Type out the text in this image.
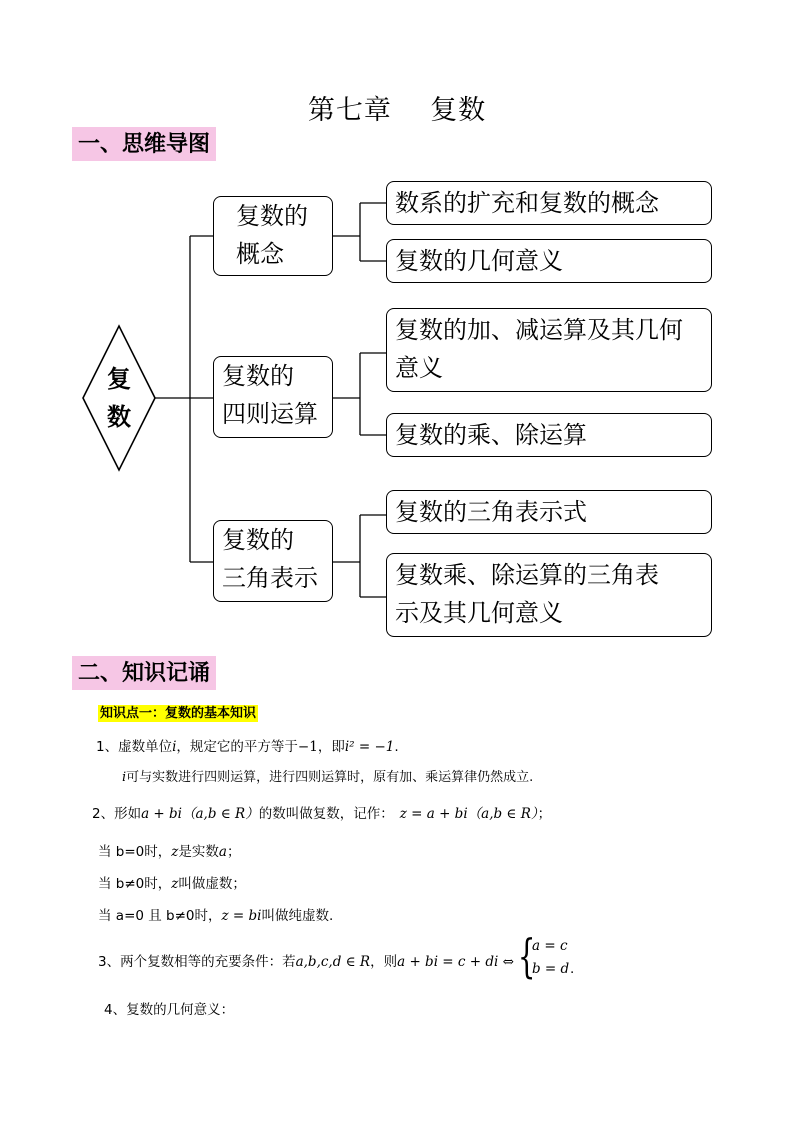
第七章    复数
一、思维导图
复
数
复数的
概念
复数的
四则运算
复数的
三角表示
数系的扩充和复数的概念
复数的几何意义
复数的加、减运算及其几何
意义
复数的乘、除运算
复数的三角表示式
复数乘、除运算的三角表
示及其几何意义
二、知识记诵
知识点一：复数的基本知识
1、虚数单位i，规定它的平方等于−1，即i² = −1.
i可与实数进行四则运算，进行四则运算时，原有加、乘运算律仍然成立.
2、形如a + bi（a,b ∈ R）的数叫做复数，记作： z = a + bi（a,b ∈ R）；
当 b=0时，z是实数a；
当 b≠0时，z叫做虚数；
当 a=0 且 b≠0时，z = bi叫做纯虚数.
3、两个复数相等的充要条件：若a,b,c,d ∈ R，则a + bi = c + di ⇔ {
a = c
b = d .
4、复数的几何意义：
